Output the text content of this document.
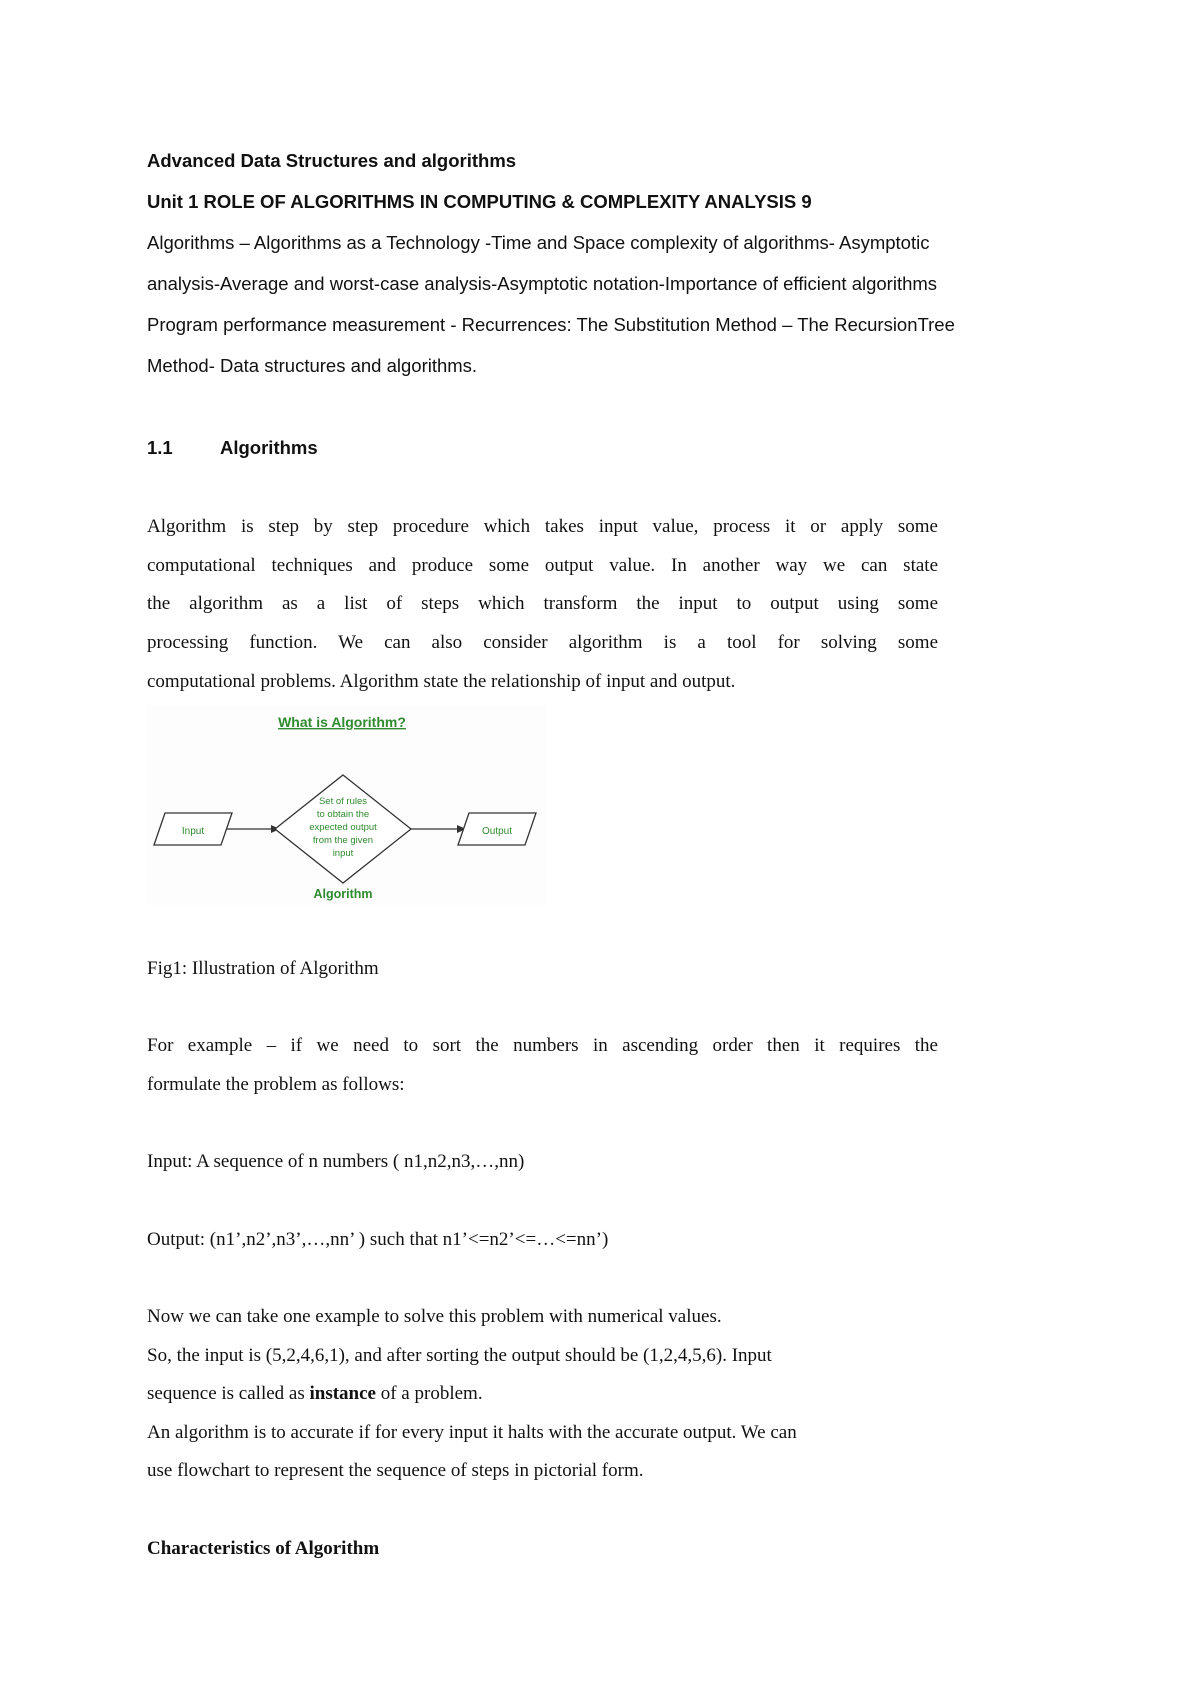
Advanced Data Structures and algorithms
Unit 1 ROLE OF ALGORITHMS IN COMPUTING & COMPLEXITY ANALYSIS 9
Algorithms – Algorithms as a Technology -Time and Space complexity of algorithms- Asymptotic
analysis-Average and worst-case analysis-Asymptotic notation-Importance of efficient algorithms
Program performance measurement - Recurrences: The Substitution Method – The RecursionTree
Method- Data structures and algorithms.
1.1	Algorithms
Algorithm is step by step procedure which takes input value, process it or apply some
computational techniques and produce some output value. In another way we can state
the algorithm as a list of steps which transform the input to output using some
processing function. We can also consider algorithm is a tool for solving some
computational problems. Algorithm state the relationship of input and output.
What is Algorithm?
Input
Set of rules
to obtain the
expected output
from the given
input
Output
Algorithm
Fig1: Illustration of Algorithm
For example – if we need to sort the numbers in ascending order then it requires the
formulate the problem as follows:
Input: A sequence of n numbers ( n1,n2,n3,…,nn)
Output: (n1’,n2’,n3’,…,nn’ ) such that n1’<=n2’<=…<=nn’)
Now we can take one example to solve this problem with numerical values.
So, the input is (5,2,4,6,1), and after sorting the output should be (1,2,4,5,6). Input
sequence is called as instance of a problem.
An algorithm is to accurate if for every input it halts with the accurate output. We can
use flowchart to represent the sequence of steps in pictorial form.
Characteristics of Algorithm
